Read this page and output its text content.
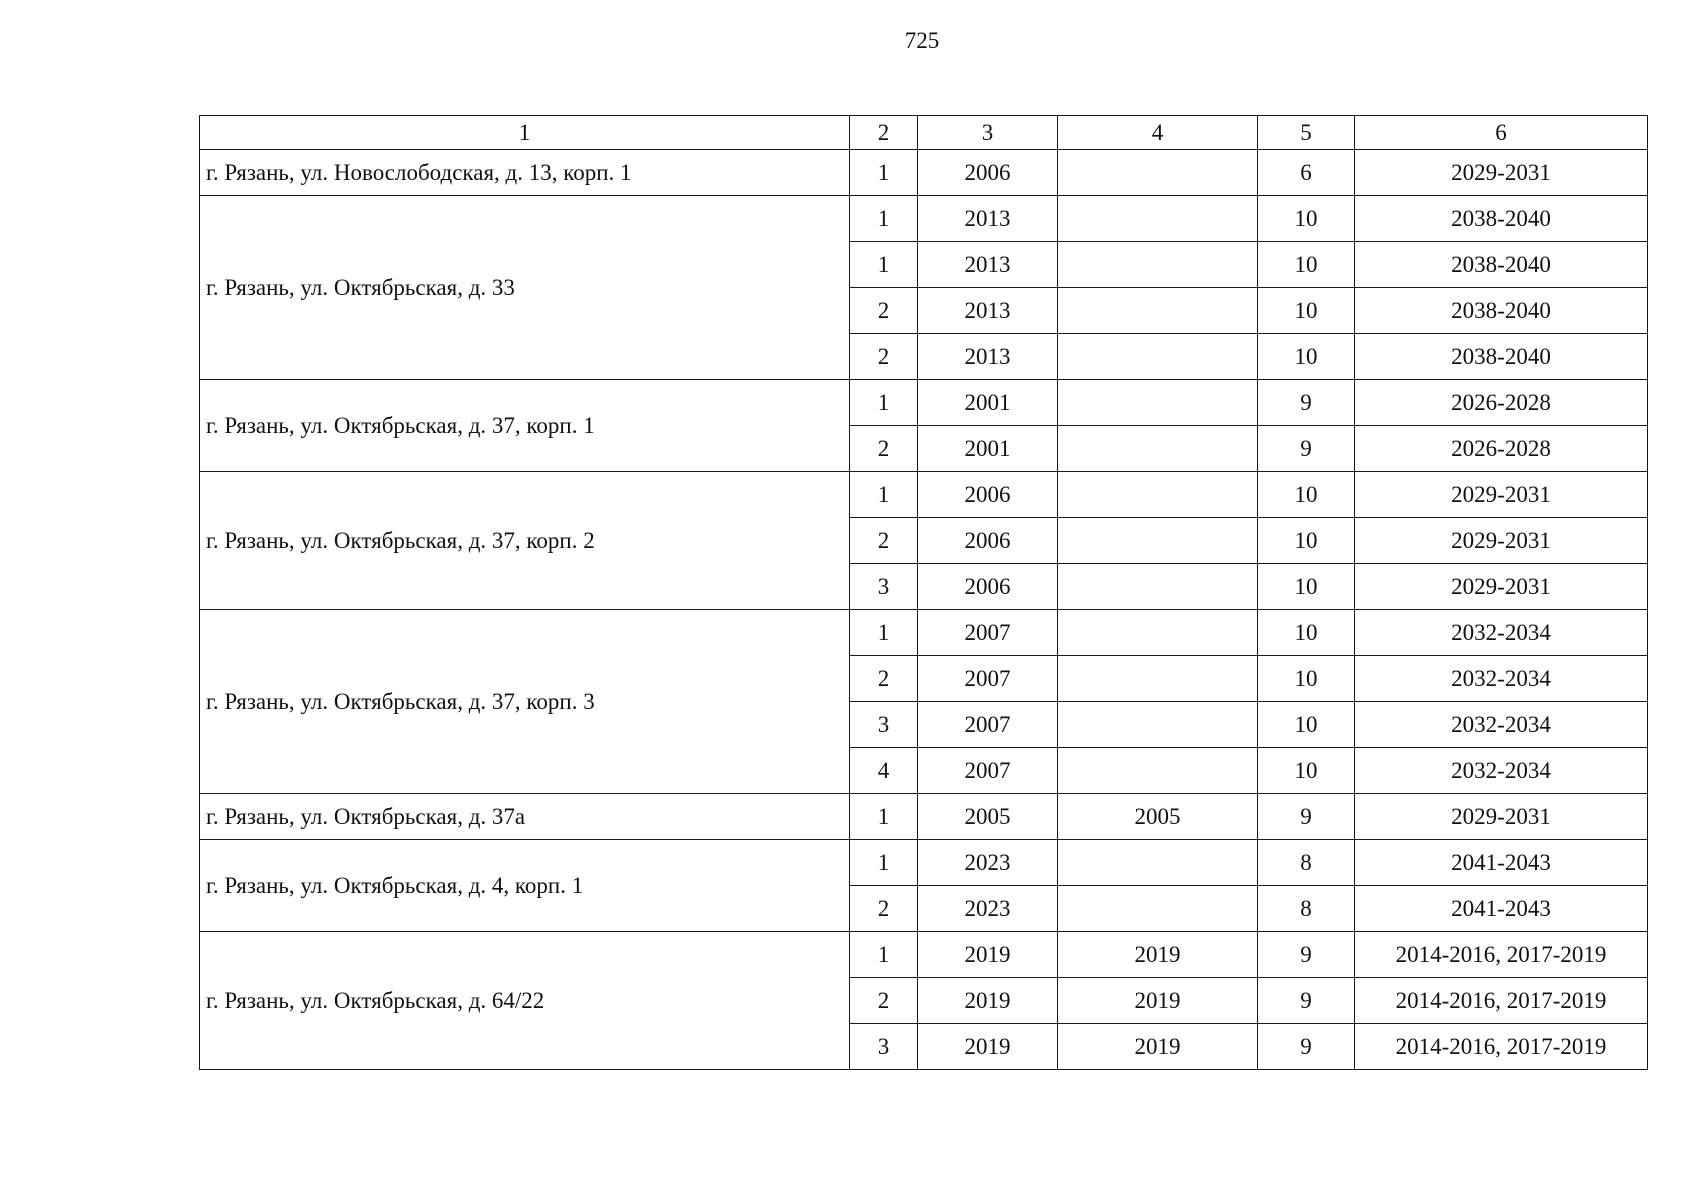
725
1	2	3	4	5	6
г. Рязань, ул. Новослободская, д. 13, корп. 1	1	2006		6	2029-2031
г. Рязань, ул. Октябрьская, д. 33	1	2013		10	2038-2040
	1	2013		10	2038-2040
	2	2013		10	2038-2040
	2	2013		10	2038-2040
г. Рязань, ул. Октябрьская, д. 37, корп. 1	1	2001		9	2026-2028
	2	2001		9	2026-2028
г. Рязань, ул. Октябрьская, д. 37, корп. 2	1	2006		10	2029-2031
	2	2006		10	2029-2031
	3	2006		10	2029-2031
г. Рязань, ул. Октябрьская, д. 37, корп. 3	1	2007		10	2032-2034
	2	2007		10	2032-2034
	3	2007		10	2032-2034
	4	2007		10	2032-2034
г. Рязань, ул. Октябрьская, д. 37а	1	2005	2005	9	2029-2031
г. Рязань, ул. Октябрьская, д. 4, корп. 1	1	2023		8	2041-2043
	2	2023		8	2041-2043
г. Рязань, ул. Октябрьская, д. 64/22	1	2019	2019	9	2014-2016, 2017-2019
	2	2019	2019	9	2014-2016, 2017-2019
	3	2019	2019	9	2014-2016, 2017-2019
